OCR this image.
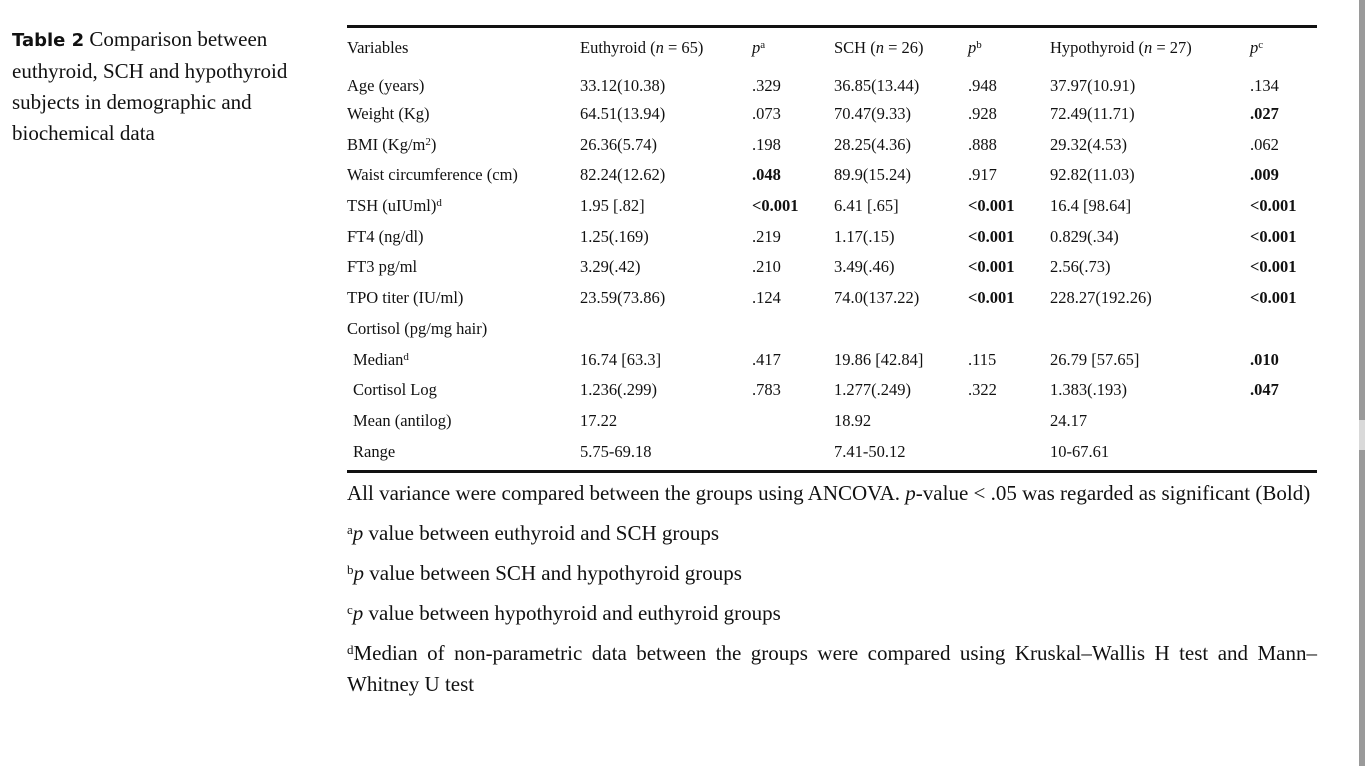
Table 2 Comparison between euthyroid, SCH and hypothyroid subjects in demographic and biochemical data
Variables	Euthyroid (n = 65)	$p^a$	SCH (n = 26)	$p^b$	Hypothyroid (n = 27)	$p^c$
Age (years)	33.12(10.38)	.329	36.85(13.44)	.948	37.97(10.91)	.134
Weight (Kg)	64.51(13.94)	.073	70.47(9.33)	.928	72.49(11.71)	.027
BMI $(Kg/m^2)$	26.36(5.74)	.198	28.25(4.36)	.888	29.32(4.53)	.062
Waist circumference (cm)	82.24(12.62)	.048	89.9(15.24)	.917	92.82(11.03)	.009
TSH (uIUml)$^d$	1.95 [.82]	<0.001	6.41 [.65]	<0.001	16.4 [98.64]	<0.001
FT4 (ng/dl)	1.25(.169)	.219	1.17(.15)	<0.001	0.829(.34)	<0.001
FT3 pg/ml	3.29(.42)	.210	3.49(.46)	<0.001	2.56(.73)	<0.001
TPO titer (IU/ml)	23.59(73.86)	.124	74.0(137.22)	<0.001	228.27(192.26)	<0.001
Cortisol (pg/mg hair)						
Median$^d$	16.74 [63.3]	.417	19.86 [42.84]	.115	26.79 [57.65]	.010
Cortisol Log	1.236(.299)	.783	1.277(.249)	.322	1.383(.193)	.047
Mean (antilog)	17.22		18.92		24.17	
Range	5.75-69.18		7.41-50.12		10-67.61	

All variance were compared between the groups using ANCOVA. p-value < .05 was regarded as significant (Bold)

$^a$p value between euthyroid and SCH groups

$^b$p value between SCH and hypothyroid groups

$^c$p value between hypothyroid and euthyroid groups

$^d$Median of non-parametric data between the groups were compared using Kruskal–Wallis H test and Mann–Whitney U test
